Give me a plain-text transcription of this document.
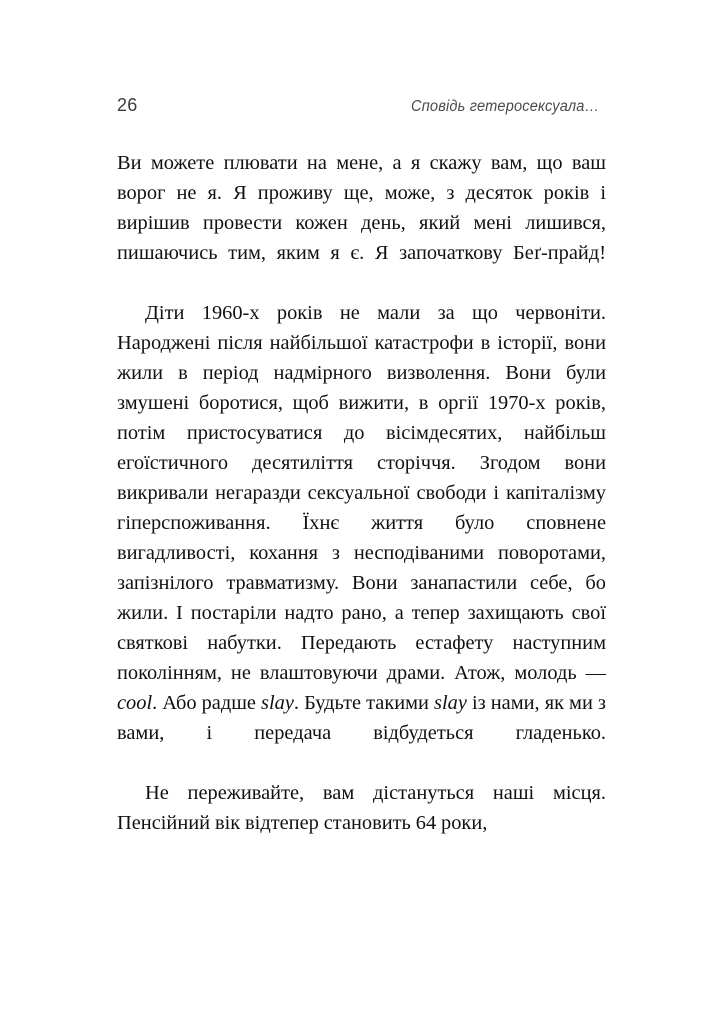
26	Сповідь гетеросексуала…

Ви можете плювати на мене, а я скажу вам, що ваш ворог не я. Я проживу ще, може, з десяток років і вирішив провести кожен день, який мені лишився, пишаючись тим, яким я є. Я започаткову Беґ-прайд!

Діти 1960-х років не мали за що червоніти. Народжені після найбільшої катастрофи в історії, вони жили в період надмірного визволення. Вони були змушені боротися, щоб вижити, в оргії 1970-х років, потім пристосуватися до вісімдесятих, найбільш егоїстичного десятиліття сторіччя. Згодом вони викривали негаразди сексуальної свободи і капіталізму гіперспоживання. Їхнє життя було сповнене вигадливості, кохання з несподіваними поворотами, запізнілого травматизму. Вони занапастили себе, бо жили. І постаріли надто рано, а тепер захищають свої святкові набутки. Передають естафету наступним поколінням, не влаштовуючи драми. Атож, молодь — cool. Або радше slay. Будьте такими slay із нами, як ми з вами, і передача відбудеться гладенько.

Не переживайте, вам дістануться наші місця. Пенсійний вік відтепер становить 64 роки,
